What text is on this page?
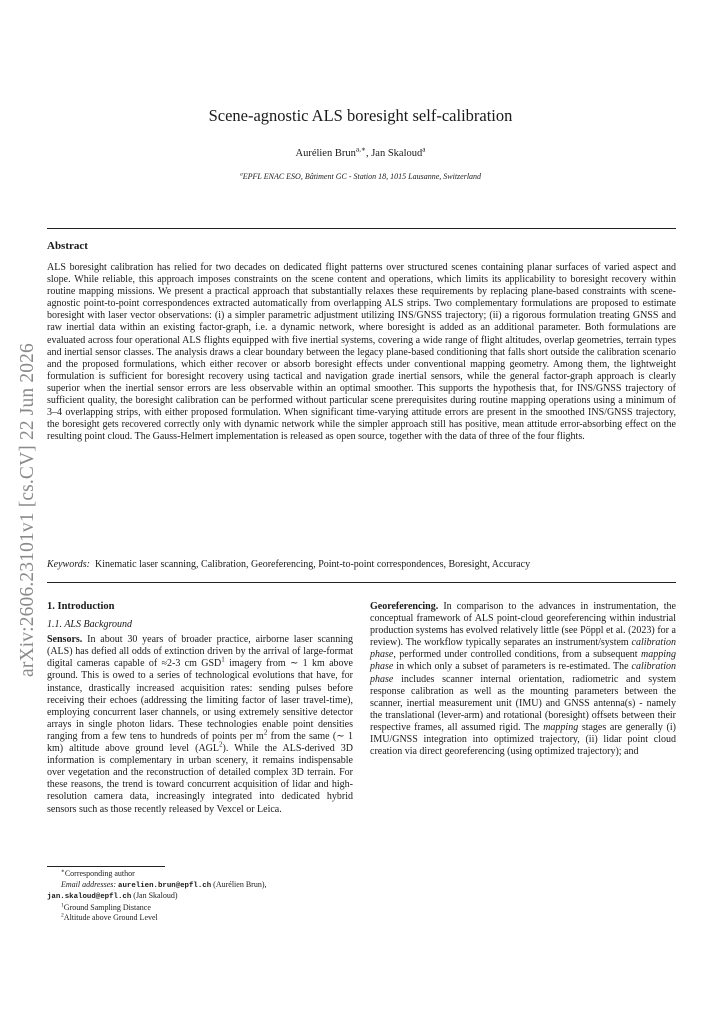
arXiv:2606.23101v1 [cs.CV] 22 Jun 2026
Scene-agnostic ALS boresight self-calibration
Aurélien Brun$^{a,∗}$, Jan Skaloud$^a$
$^a$EPFL ENAC ESO, Bâtiment GC - Station 18, 1015 Lausanne, Switzerland
Abstract

ALS boresight calibration has relied for two decades on dedicated flight patterns over structured scenes containing planar surfaces of varied aspect and slope. While reliable, this approach imposes constraints on the scene content and operations, which limits its applicability to boresight recovery within routine mapping missions. We present a practical approach that substantially relaxes these requirements by replacing plane-based constraints with scene-agnostic point-to-point correspondences extracted automatically from overlapping ALS strips. Two complementary formulations are proposed to estimate boresight with laser vector observations: (i) a simpler parametric adjustment utilizing INS/GNSS trajectory; (ii) a rigorous formulation treating GNSS and raw inertial data within an existing factor-graph, i.e. a dynamic network, where boresight is added as an additional parameter. Both formulations are evaluated across four operational ALS flights equipped with five inertial systems, covering a wide range of flight altitudes, overlap geometries, terrain types and inertial sensor classes. The analysis draws a clear boundary between the legacy plane-based conditioning that falls short outside the calibration scenario and the proposed formulations, which either recover or absorb boresight effects under conventional mapping geometry. Among them, the lightweight formulation is sufficient for boresight recovery using tactical and navigation grade inertial sensors, while the general factor-graph approach is clearly superior when the inertial sensor errors are less observable within an optimal smoother. This supports the hypothesis that, for INS/GNSS trajectory of sufficient quality, the boresight calibration can be performed without particular scene prerequisites during routine mapping operations using a minimum of 3–4 overlapping strips, with either proposed formulation. When significant time-varying attitude errors are present in the smoothed INS/GNSS trajectory, the boresight gets recovered correctly only with dynamic network while the simpler approach still has positive, mean attitude error-absorbing effect on the resulting point cloud. The Gauss-Helmert implementation is released as open source, together with the data of three of the four flights.

Keywords: Kinematic laser scanning, Calibration, Georeferencing, Point-to-point correspondences, Boresight, Accuracy
1. Introduction
1.1. ALS Background

Sensors. In about 30 years of broader practice, airborne laser scanning (ALS) has defied all odds of extinction driven by the arrival of large-format digital cameras capable of ≈2-3 cm GSD$^1$ imagery from ∼ 1 km above ground. This is owed to a series of technological evolutions that have, for instance, drastically increased acquisition rates: sending pulses before receiving their echoes (addressing the limiting factor of laser travel-time), employing concurrent laser channels, or using extremely sensitive detector arrays in single photon lidars. These technologies enable point densities ranging from a few tens to hundreds of points per $m^2$ from the same (∼ 1 km) altitude above ground level (AGL$^2$). While the ALS-derived 3D information is complementary in urban scenery, it remains indispensable over vegetation and the reconstruction of detailed complex 3D terrain. For these reasons, the trend is toward concurrent acquisition of lidar and high-resolution camera data, increasingly integrated into dedicated hybrid sensors such as those recently released by Vexcel or Leica.

Georeferencing. In comparison to the advances in instrumentation, the conceptual framework of ALS point-cloud georeferencing within industrial production systems has evolved relatively little (see Pöppl et al. (2023) for a review). The workflow typically separates an instrument/system calibration phase, performed under controlled conditions, from a subsequent mapping phase in which only a subset of parameters is re-estimated. The calibration phase includes scanner internal orientation, radiometric and system response calibration as well as the mounting parameters between the scanner, inertial measurement unit (IMU) and GNSS antenna(s) - namely the translational (lever-arm) and rotational (boresight) offsets between their respective frames, all assumed rigid. The mapping stages are generally (i) IMU/GNSS integration into optimized trajectory, (ii) lidar point cloud creation via direct georeferencing (using optimized trajectory); and

∗Corresponding author
Email addresses: aurelien.brun@epfl.ch (Aurélien Brun),
jan.skaloud@epfl.ch (Jan Skaloud)
$^1$Ground Sampling Distance
$^2$Altitude above Ground Level
